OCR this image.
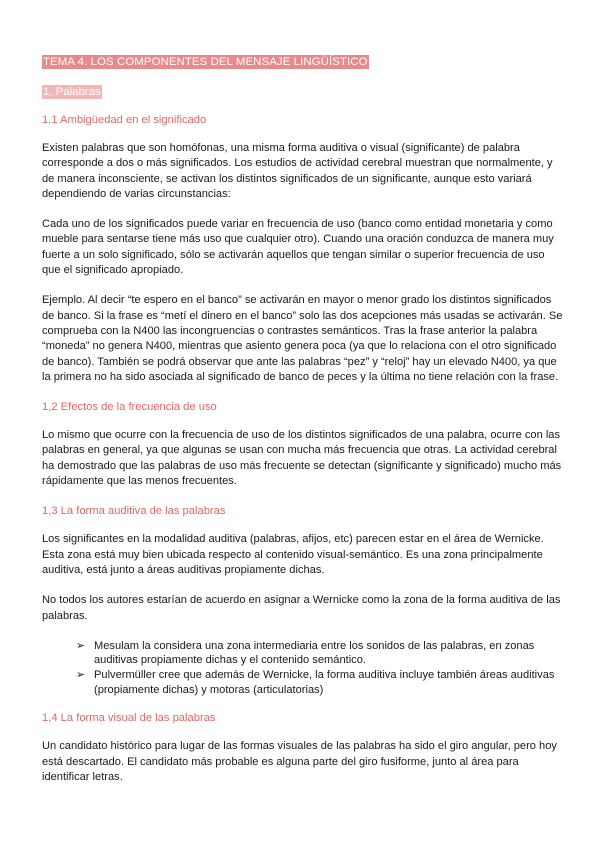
TEMA 4. LOS COMPONENTES DEL MENSAJE LINGÜÍSTICO
1, Palabras
1,1 Ambigüedad en el significado

Existen palabras que son homófonas, una misma forma auditiva o visual (significante) de palabra corresponde a dos o más significados. Los estudios de actividad cerebral muestran que normalmente, y de manera inconsciente, se activan los distintos significados de un significante, aunque esto variará dependiendo de varias circunstancias:

Cada uno de los significados puede variar en frecuencia de uso (banco como entidad monetaria y como mueble para sentarse tiene más uso que cualquier otro). Cuando una oración conduzca de manera muy fuerte a un solo significado, sólo se activarán aquellos que tengan similar o superior frecuencia de uso que el significado apropiado.

Ejemplo. Al decir “te espero en el banco” se activarán en mayor o menor grado los distintos significados de banco. Si la frase es “metí el dinero en el banco” solo las dos acepciones más usadas se activarán. Se comprueba con la N400 las incongruencias o contrastes semánticos. Tras la frase anterior la palabra “moneda” no genera N400, mientras que asiento genera poca (ya que lo relaciona con el otro significado de banco). También se podrá observar que ante las palabras “pez” y “reloj” hay un elevado N400, ya que la primera no ha sido asociada al significado de banco de peces y la última no tiene relación con la frase.

1,2 Efectos de la frecuencia de uso

Lo mismo que ocurre con la frecuencia de uso de los distintos significados de una palabra, ocurre con las palabras en general, ya que algunas se usan con mucha más frecuencia que otras. La actividad cerebral ha demostrado que las palabras de uso más frecuente se detectan (significante y significado) mucho más rápidamente que las menos frecuentes.

1,3 La forma auditiva de las palabras

Los significantes en la modalidad auditiva (palabras, afijos, etc) parecen estar en el área de Wernicke. Esta zona está muy bien ubicada respecto al contenido visual-semántico. Es una zona principalmente auditiva, está junto a áreas auditivas propiamente dichas.

No todos los autores estarían de acuerdo en asignar a Wernicke como la zona de la forma auditiva de las palabras.

➢ Mesulam la considera una zona intermediaria entre los sonidos de las palabras, en zonas auditivas propiamente dichas y el contenido semántico.
➢ Pulvermüller cree que además de Wernicke, la forma auditiva incluye también áreas auditivas (propiamente dichas) y motoras (articulatorias)
1,4 La forma visual de las palabras

Un candidato histórico para lugar de las formas visuales de las palabras ha sido el giro angular, pero hoy está descartado. El candidato más probable es alguna parte del giro fusiforme, junto al área para identificar letras.
